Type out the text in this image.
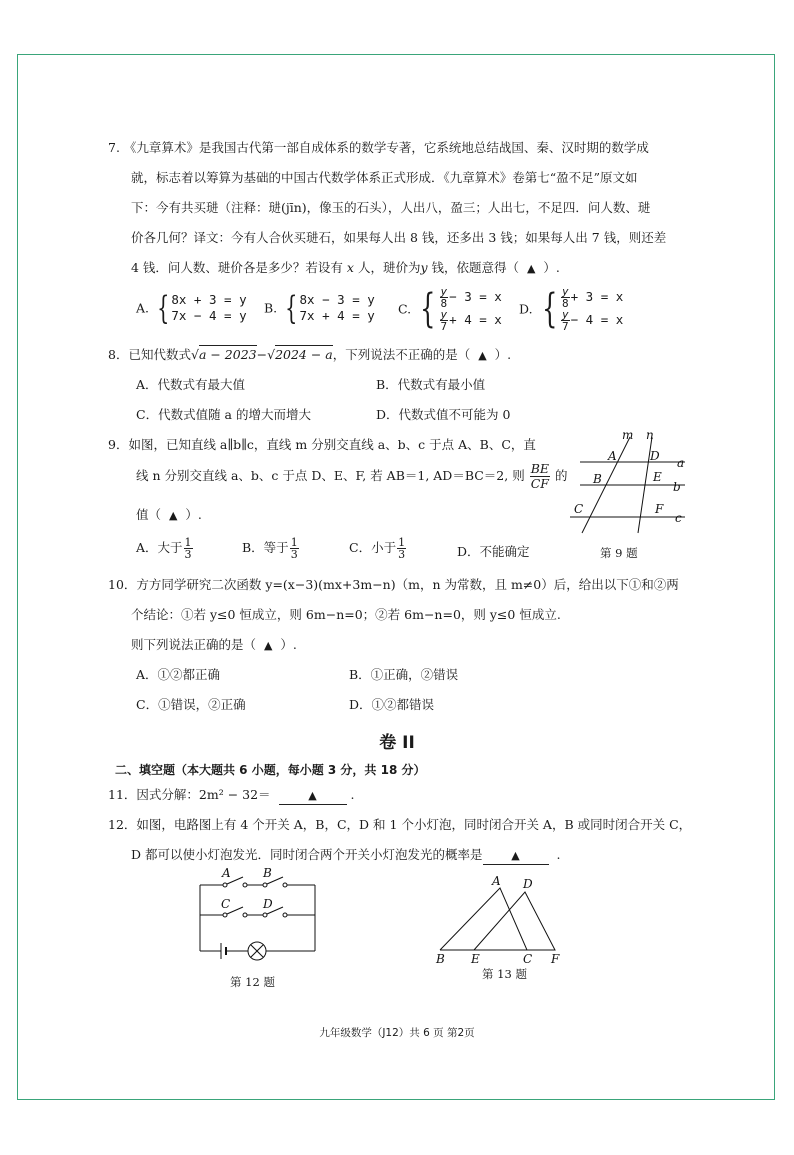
7. 《九章算术》是我国古代第一部自成体系的数学专著，它系统地总结战国、秦、汉时期的数学成
就，标志着以筹算为基础的中国古代数学体系正式形成．《九章算术》卷第七“盈不足”原文如
下：今有共买琎（注释：琎(jīn)，像玉的石头），人出八，盈三；人出七，不足四．问人数、琎
价各几何？译文：今有人合伙买琎石，如果每人出 8 钱，还多出 3 钱；如果每人出 7 钱，则还差
4 钱．问人数、琎价各是多少？若设有 x 人，琎价为y 钱，依题意得（ ▲ ）.
A. { 8x + 3 = y
7x − 4 = y B. { 8x − 3 = y
7x + 4 = y C. { $\frac{y}{8} - 3 = x$

$\frac{y}{7} + 4 = x$
D. { $\frac{y}{8} + 3 = x$

$\frac{y}{7} - 4 = x$
8．已知代数式√a − 2023−√2024 − a，下列说法不正确的是（ ▲ ）.
A．代数式有最大值	B．代数式有最小值
C．代数式值随 a 的增大而增大	D．代数式值不可能为 0
9．如图，已知直线 a∥b∥c，直线 m 分别交直线 a、b、c 于点 A、B、C，直
线 n 分别交直线 a、b、c 于点 D、E、F, 若 AB＝1, AD＝BC＝2, 则 $\frac{BE}{CF}$ 的
值（ ▲ ）.
A．大于 $\frac{1}{3}$	B．等于 $\frac{1}{3}$	C．小于 $\frac{1}{3}$	D．不能确定
m n
a
b
c
A	D
B	E
C	F
第 9 题
10．方方同学研究二次函数 y=(x−3)(mx+3m−n)（m，n 为常数，且 m≠0）后，给出以下①和②两
个结论：①若 y≤0 恒成立，则 6m−n=0；②若 6m−n=0，则 y≤0 恒成立.
则下列说法正确的是（ ▲ ）.
A．①②都正确	B．①正确，②错误
C．①错误，②正确	D．①②都错误
卷 II
二、填空题（本大题共 6 小题，每小题 3 分，共 18 分）
11．因式分解：2m² − 32＝	▲	.
12．如图，电路图上有 4 个开关 A，B，C，D 和 1 个小灯泡，同时闭合开关 A，B 或同时闭合开关 C，
D 都可以使小灯泡发光．同时闭合两个开关小灯泡发光的概率是	▲	.
A	B
C	D
第 12 题
A D
B E	C F
第 13 题
九年级数学（J12）共 6 页 第2页
